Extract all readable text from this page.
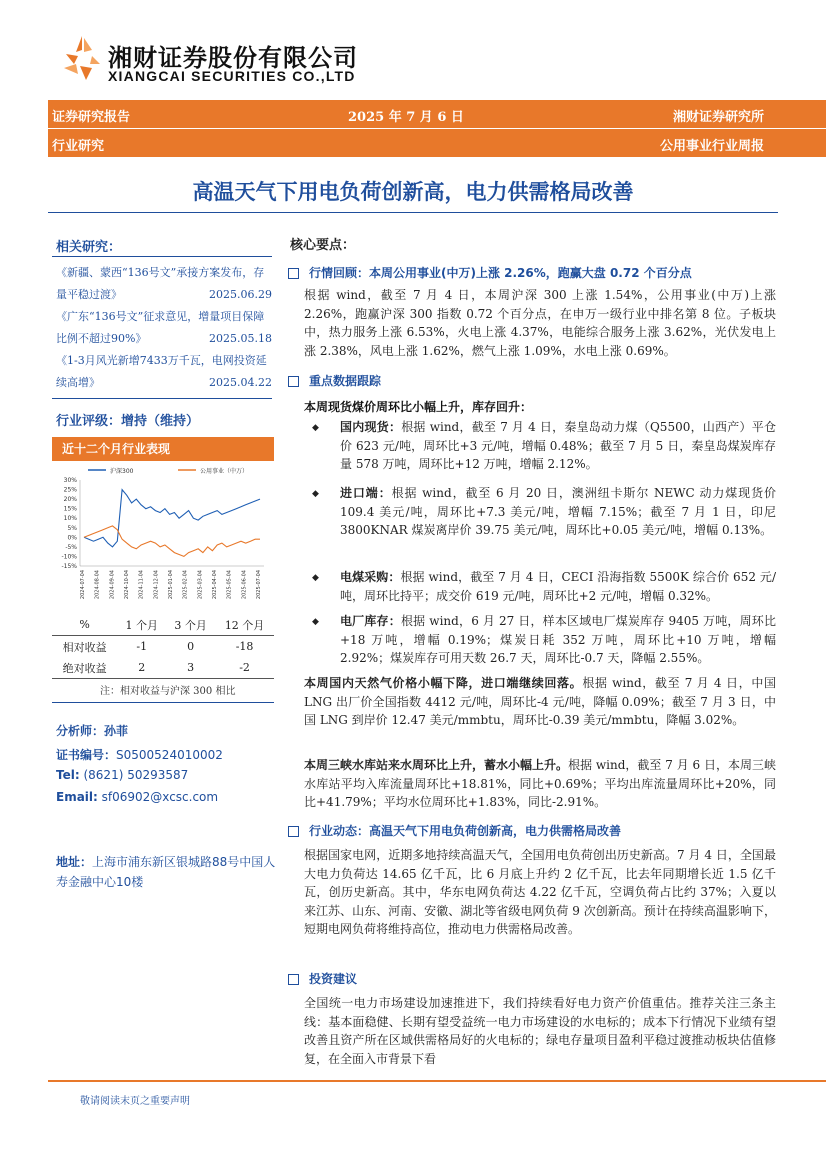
湘财证券股份有限公司
XIANGCAI SECURITIES CO.,LTD
证券研究报告	2025 年 7 月 6 日	湘财证券研究所
行业研究	公用事业行业周报
高温天气下用电负荷创新高，电力供需格局改善
相关研究：
《新疆、蒙西“136号文”承接方案发布，存量平稳过渡》	2025.06.29
《广东“136号文”征求意见，增量项目保障比例不超过90%》	2025.05.18
《1-3月风光新增7433万千瓦，电网投资延续高增》	2025.04.22
行业评级：增持（维持）
近十二个月行业表现
沪深300	公用事业（中万）
30%
25%
20%
15%
10%
5%
0%
-5%
-10%
-15%
2024-07-04 2024-08-04 2024-09-04 2024-10-04 2024-11-04 2024-12-04 2025-01-04 2025-02-04 2025-03-04 2025-04-04 2025-05-04 2025-06-04 2025-07-04
%	1 个月	3 个月	12 个月
相对收益	-1	0	-18
绝对收益	2	3	-2
注：相对收益与沪深 300 相比
分析师：孙菲
证书编号：S0500524010002
Tel: (8621) 50293587
Email: sf06902@xcsc.com
地址：上海市浦东新区银城路88号中国人寿金融中心10楼
核心要点：
行情回顾：本周公用事业(中万)上涨 2.26%，跑赢大盘 0.72 个百分点
根据 wind，截至 7 月 4 日，本周沪深 300 上涨 1.54%，公用事业(中万)上涨 2.26%，跑赢沪深 300 指数 0.72 个百分点，在申万一级行业中排名第 8 位。子板块中，热力服务上涨 6.53%，火电上涨 4.37%，电能综合服务上涨 3.62%，光伏发电上涨 2.38%，风电上涨 1.62%，燃气上涨 1.09%，水电上涨 0.69%。
重点数据跟踪
本周现货煤价周环比小幅上升，库存回升：
◆ 国内现货：根据 wind，截至 7 月 4 日，秦皇岛动力煤（Q5500，山西产）平仓价 623 元/吨，周环比+3 元/吨，增幅 0.48%；截至 7 月 5 日，秦皇岛煤炭库存量 578 万吨，周环比+12 万吨，增幅 2.12%。
◆ 进口端：根据 wind，截至 6 月 20 日，澳洲纽卡斯尔 NEWC 动力煤现货价 109.4 美元/吨，周环比+7.3 美元/吨，增幅 7.15%；截至 7 月 1 日，印尼 3800KNAR 煤炭离岸价 39.75 美元/吨，周环比+0.05 美元/吨，增幅 0.13%。
◆ 电煤采购：根据 wind，截至 7 月 4 日，CECI 沿海指数 5500K 综合价 652 元/吨，周环比持平；成交价 619 元/吨，周环比+2 元/吨，增幅 0.32%。
◆ 电厂库存：根据 wind，6 月 27 日，样本区域电厂煤炭库存 9405 万吨，周环比+18 万吨，增幅 0.19%；煤炭日耗 352 万吨，周环比+10 万吨，增幅 2.92%；煤炭库存可用天数 26.7 天，周环比-0.7 天，降幅 2.55%。
本周国内天然气价格小幅下降，进口端继续回落。根据 wind，截至 7 月 4 日，中国 LNG 出厂价全国指数 4412 元/吨，周环比-4 元/吨，降幅 0.09%；截至 7 月 3 日，中国 LNG 到岸价 12.47 美元/mmbtu，周环比-0.39 美元/mmbtu，降幅 3.02%。
本周三峡水库站来水周环比上升，蓄水小幅上升。根据 wind，截至 7 月 6 日，本周三峡水库站平均入库流量周环比+18.81%，同比+0.69%；平均出库流量周环比+20%，同比+41.79%；平均水位周环比+1.83%，同比-2.91%。
行业动态：高温天气下用电负荷创新高，电力供需格局改善
根据国家电网，近期多地持续高温天气，全国用电负荷创出历史新高。7 月 4 日，全国最大电力负荷达 14.65 亿千瓦，比 6 月底上升约 2 亿千瓦，比去年同期增长近 1.5 亿千瓦，创历史新高。其中，华东电网负荷达 4.22 亿千瓦，空调负荷占比约 37%；入夏以来江苏、山东、河南、安徽、湖北等省级电网负荷 9 次创新高。预计在持续高温影响下，短期电网负荷将维持高位，推动电力供需格局改善。
投资建议
全国统一电力市场建设加速推进下，我们持续看好电力资产价值重估。推荐关注三条主线：基本面稳健、长期有望受益统一电力市场建设的水电标的；成本下行情况下业绩有望改善且资产所在区域供需格局好的火电标的；绿电存量项目盈利平稳过渡推动板块估值修复，在全面入市背景下看
敬请阅读末页之重要声明
